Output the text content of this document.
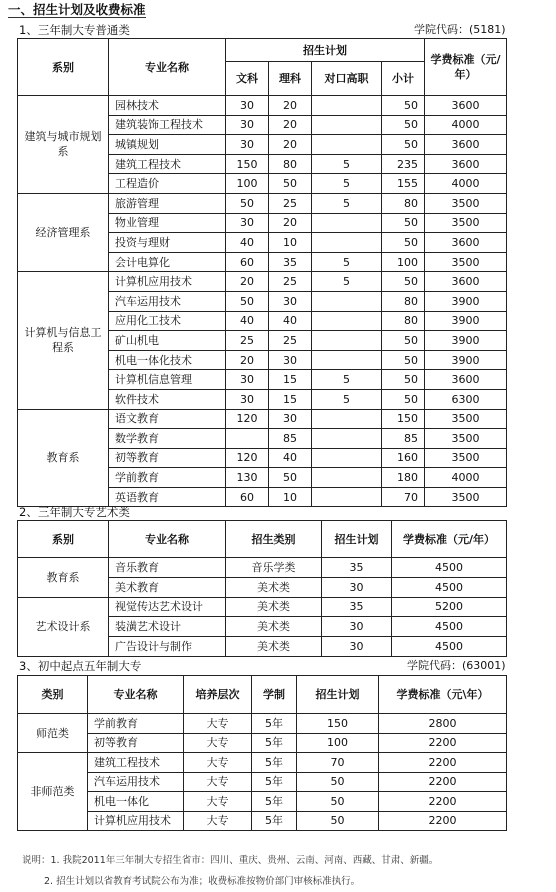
一、招生计划及收费标准
1、三年制大专普通类	学院代码：(5181)
系别	专业名称	招生计划				学费标准（元/年）
		文科	理科	对口高职	小计	
建筑与城市规划系	园林技术	30	20		50	3600
	建筑装饰工程技术	30	20		50	4000
	城镇规划	30	20		50	3600
	建筑工程技术	150	80	5	235	3600
	工程造价	100	50	5	155	4000
经济管理系	旅游管理	50	25	5	80	3500
	物业管理	30	20		50	3500
	投资与理财	40	10		50	3600
	会计电算化	60	35	5	100	3500
计算机与信息工程系	计算机应用技术	20	25	5	50	3600
	汽车运用技术	50	30		80	3900
	应用化工技术	40	40		80	3900
	矿山机电	25	25		50	3900
	机电一体化技术	20	30		50	3900
	计算机信息管理	30	15	5	50	3600
	软件技术	30	15	5	50	6300
教育系	语文教育	120	30		150	3500
	数学教育		85		85	3500
	初等教育	120	40		160	3500
	学前教育	130	50		180	4000
	英语教育	60	10		70	3500
2、三年制大专艺术类
系别	专业名称	招生类别	招生计划	学费标准（元/年）
教育系	音乐教育	音乐学类	35	4500
	美术教育	美术类	30	4500
艺术设计系	视觉传达艺术设计	美术类	35	5200
	装潢艺术设计	美术类	30	4500
	广告设计与制作	美术类	30	4500
3、初中起点五年制大专	学院代码：(63001)
类别	专业名称	培养层次	学制	招生计划	学费标准（元\年）
师范类	学前教育	大专	5年	150	2800
	初等教育	大专	5年	100	2200
非师范类	建筑工程技术	大专	5年	70	2200
	汽车运用技术	大专	5年	50	2200
	机电一体化	大专	5年	50	2200
	计算机应用技术	大专	5年	50	2200
说明：1. 我院2011年三年制大专招生省市：四川、重庆、贵州、云南、河南、西藏、甘肃、新疆。
2. 招生计划以省教育考试院公布为准；收费标准按物价部门审核标准执行。
